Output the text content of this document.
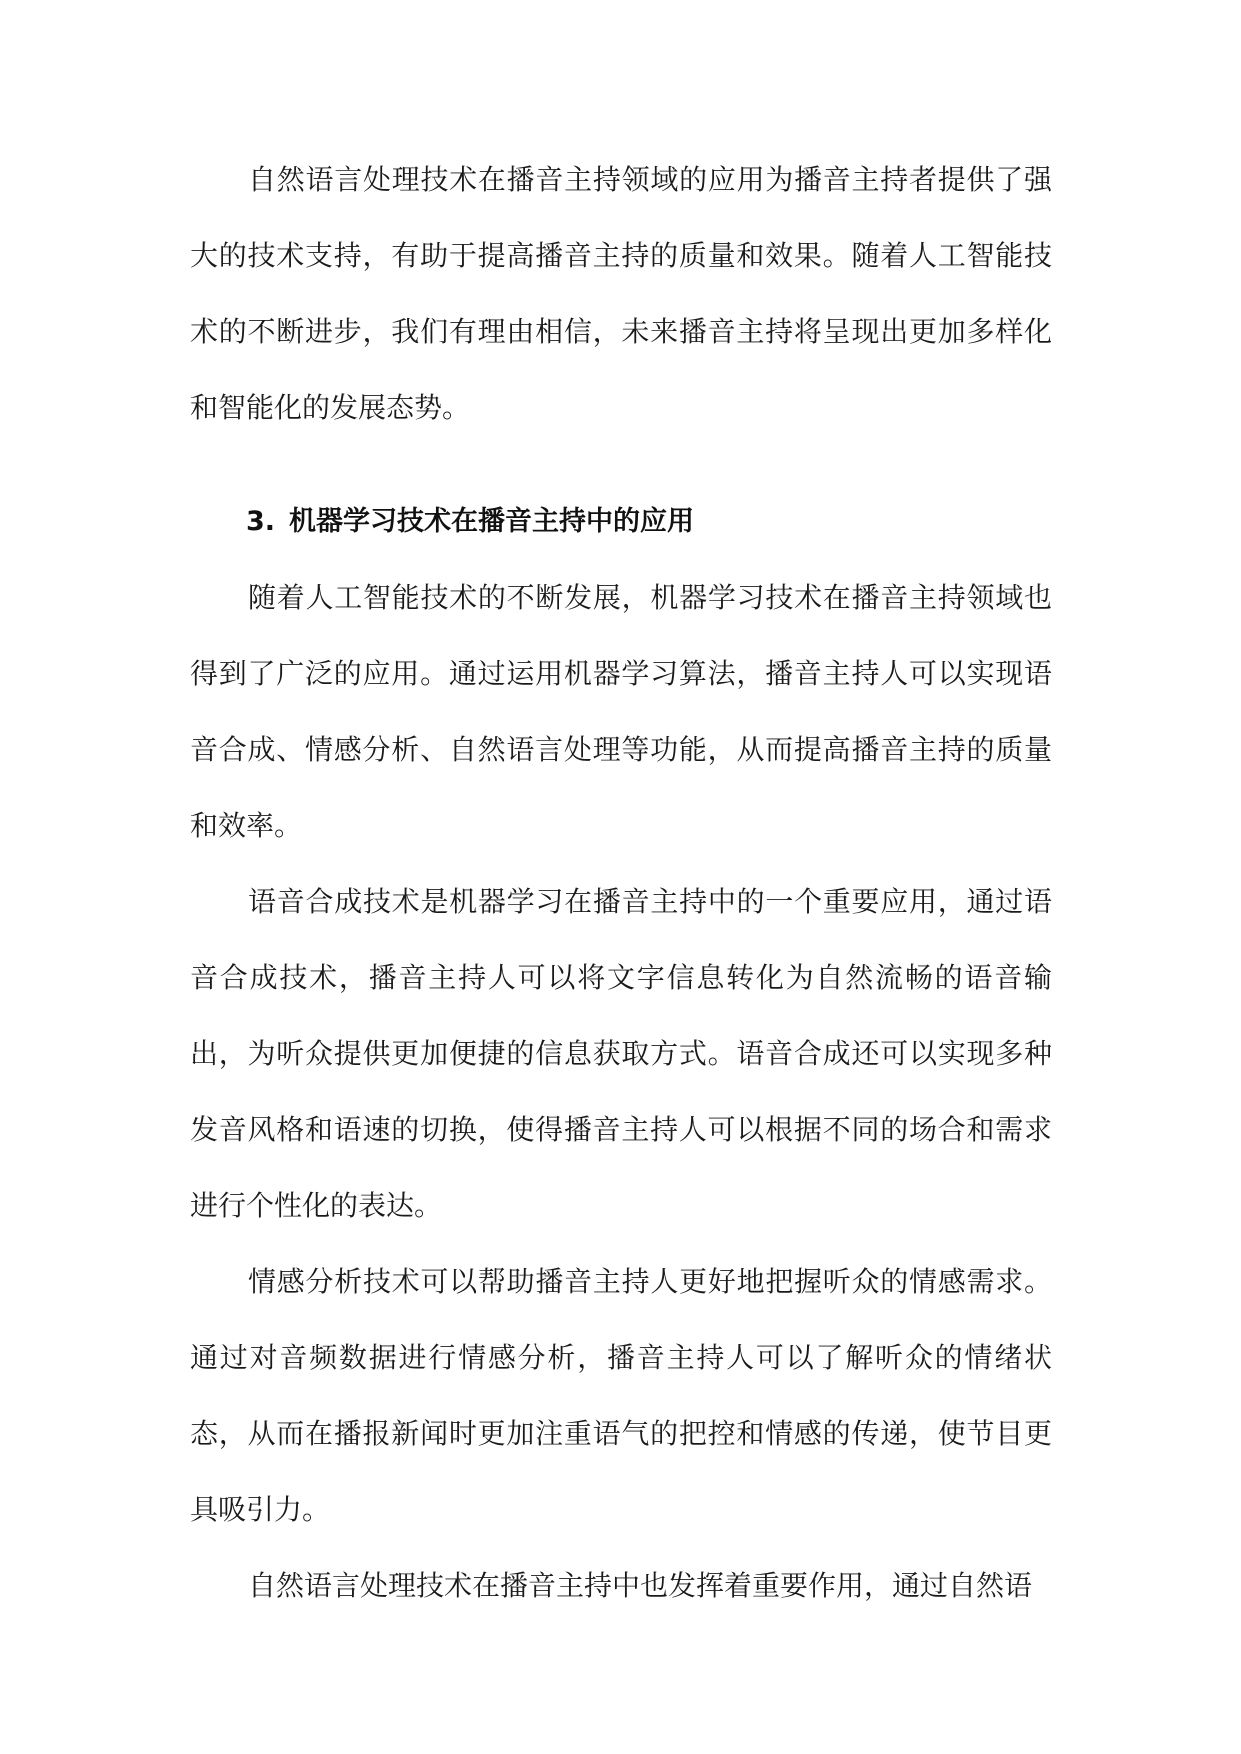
自然语言处理技术在播音主持领域的应用为播音主持者提供了强大的技术支持，有助于提高播音主持的质量和效果。随着人工智能技术的不断进步，我们有理由相信，未来播音主持将呈现出更加多样化和智能化的发展态势。

3. 机器学习技术在播音主持中的应用

随着人工智能技术的不断发展，机器学习技术在播音主持领域也得到了广泛的应用。通过运用机器学习算法，播音主持人可以实现语音合成、情感分析、自然语言处理等功能，从而提高播音主持的质量和效率。

语音合成技术是机器学习在播音主持中的一个重要应用，通过语音合成技术，播音主持人可以将文字信息转化为自然流畅的语音输出，为听众提供更加便捷的信息获取方式。语音合成还可以实现多种发音风格和语速的切换，使得播音主持人可以根据不同的场合和需求进行个性化的表达。

情感分析技术可以帮助播音主持人更好地把握听众的情感需求。通过对音频数据进行情感分析，播音主持人可以了解听众的情绪状态，从而在播报新闻时更加注重语气的把控和情感的传递，使节目更具吸引力。

自然语言处理技术在播音主持中也发挥着重要作用，通过自然语
